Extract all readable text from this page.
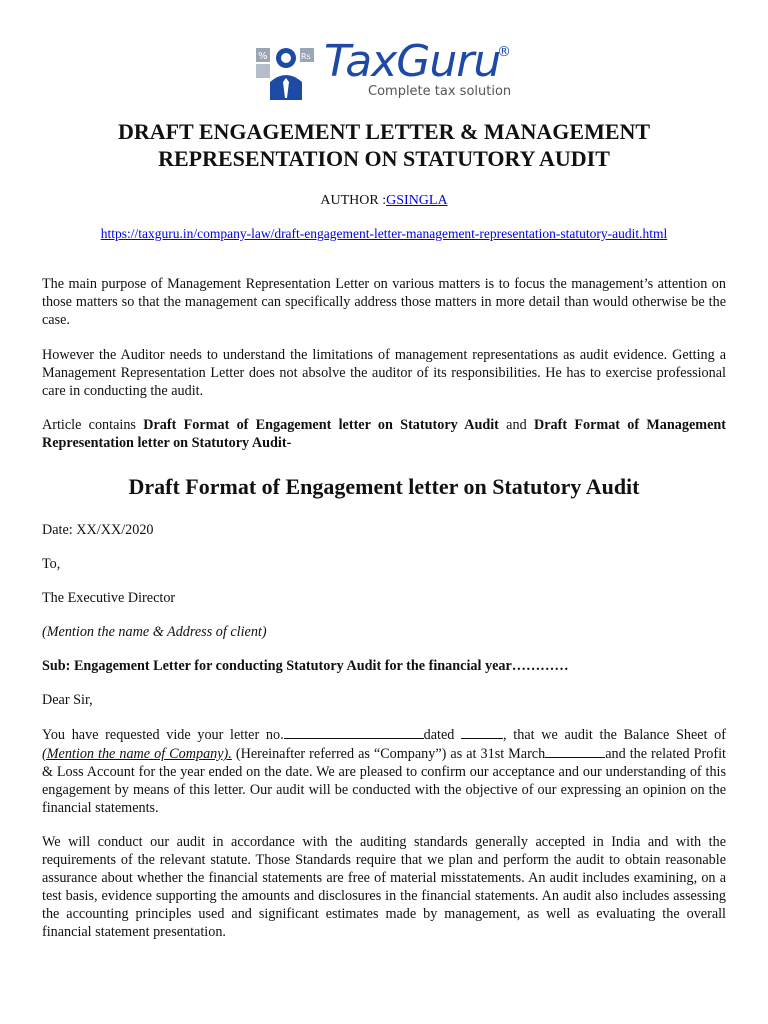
%	Rs TaxGuru
®
Complete tax solution
DRAFT ENGAGEMENT LETTER & MANAGEMENT
REPRESENTATION ON STATUTORY AUDIT
AUTHOR :GSINGLA
https://taxguru.in/company-law/draft-engagement-letter-management-representation-statutory-audit.html

The main purpose of Management Representation Letter on various matters is to focus the management’s attention on those matters so that the management can specifically address those matters in more detail than would otherwise be the case.

However the Auditor needs to understand the limitations of management representations as audit evidence. Getting a Management Representation Letter does not absolve the auditor of its responsibilities. He has to exercise professional care in conducting the audit.

Article contains Draft Format of Engagement letter on Statutory Audit and Draft Format of Management Representation letter on Statutory Audit-

Draft Format of Engagement letter on Statutory Audit

Date: XX/XX/2020

To,

The Executive Director

(Mention the name & Address of client)

Sub: Engagement Letter for conducting Statutory Audit for the financial year…………

Dear Sir,

You have requested vide your letter no.	dated	, that we audit the Balance Sheet of (Mention the name of Company). (Hereinafter referred as “Company”) as at 31st March	and the related Profit & Loss Account for the year ended on the date. We are pleased to confirm our acceptance and our understanding of this engagement by means of this letter. Our audit will be conducted with the objective of our expressing an opinion on the financial statements.

We will conduct our audit in accordance with the auditing standards generally accepted in India and with the requirements of the relevant statute. Those Standards require that we plan and perform the audit to obtain reasonable assurance about whether the financial statements are free of material misstatements. An audit includes examining, on a test basis, evidence supporting the amounts and disclosures in the financial statements. An audit also includes assessing the accounting principles used and significant estimates made by management, as well as evaluating the overall financial statement presentation.
